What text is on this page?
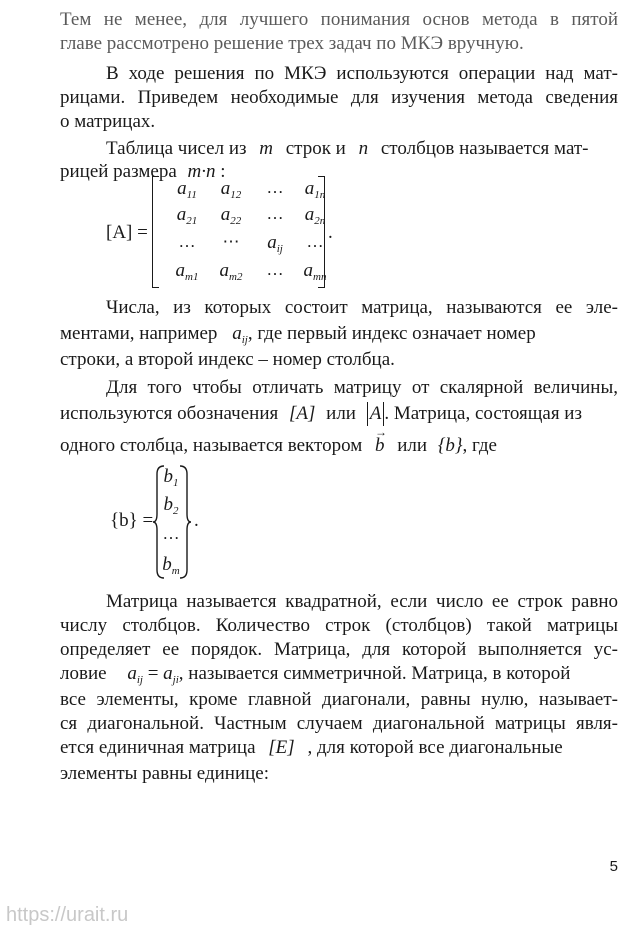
Тем не менее, для лучшего понимания основ метода в пятой
главе рассмотрено решение трех задач по МКЭ вручную.
В ходе решения по МКЭ используются операции над мат-
рицами. Приведем необходимые для изучения метода сведения
о матрицах.
Таблица чисел из m строк и n столбцов называется мат-
рицей размера m·n :
[A] =
$a_{11}$	$a_{12}$	…	$a_{1n}$
$a_{21}$	$a_{22}$	…	$a_{2n}$
…	⋯	$a_{ij}$	…
$a_{m1}$	$a_{m2}$	…	$a_{mn}$
.
Числа, из которых состоит матрица, называются ее эле-
ментами, например $a_{ij}$, где первый индекс означает номер
строки, а второй индекс – номер столбца.
Для того чтобы отличать матрицу от скалярной величины,
используются обозначения [A] или A . Матрица, состоящая из
одного столбца, называется вектором → b или {b}, где
{b} =
$b_1$
$b_2$
…
$b_m$
.
Матрица называется квадратной, если число ее строк равно
числу столбцов. Количество строк (столбцов) такой матрицы
определяет ее порядок. Матрица, для которой выполняется ус-
ловие $a_{ij} = a_{ji}$, называется симметричной. Матрица, в которой
все элементы, кроме главной диагонали, равны нулю, называет-
ся диагональной. Частным случаем диагональной матрицы явля-
ется единичная матрица [E] , для которой все диагональные
элементы равны единице:
5
https://urait.ru
